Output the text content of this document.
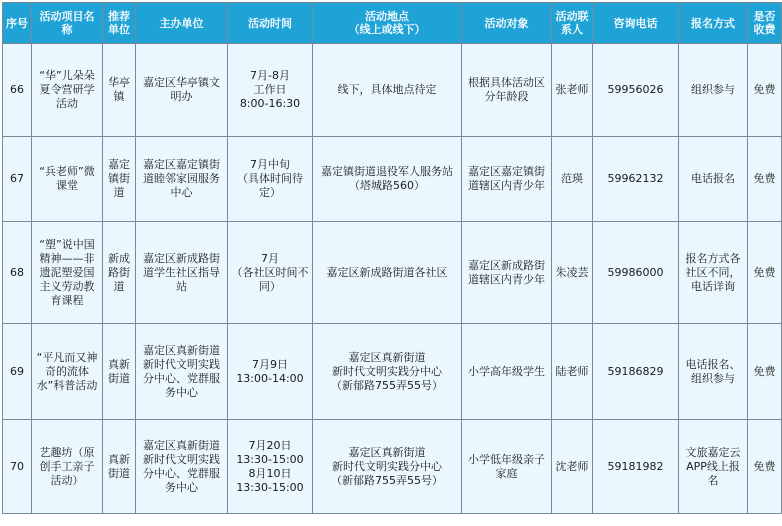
序号	活动项目名称	推荐单位	主办单位	活动时间	活动地点
（线上或线下）	活动对象	活动联系人	咨询电话	报名方式	是否收费
66	“华”儿朵朵夏令营研学活动	华亭镇	嘉定区华亭镇文明办	7月-8月
工作日
8:00-16:30	线下，具体地点待定	根据具体活动区分年龄段	张老师	59956026	组织参与	免费
67	“兵老师”微课堂	嘉定镇街道	嘉定区嘉定镇街道睦邻家园服务中心	7月中旬
（具体时间待定）	嘉定镇街道退役军人服务站（塔城路560）	嘉定区嘉定镇街道辖区内青少年	范瑛	59962132	电话报名	免费
68	“塑”说中国精神——非遗泥塑爱国主义劳动教育课程	新成路街道	嘉定区新成路街道学生社区指导站	7月
（各社区时间不同）	嘉定区新成路街道各社区	嘉定区新成路街道辖区内青少年	朱凌芸	59986000	报名方式各社区不同，电话详询	免费
69	“平凡而又神奇的流体水”科普活动	真新街道	嘉定区真新街道新时代文明实践分中心、党群服务中心	7月9日
13:00-14:00	嘉定区真新街道
新时代文明实践分中心
（新郁路755弄55号）	小学高年级学生	陆老师	59186829	电话报名、组织参与	免费
70	艺趣坊（原创手工亲子活动）	真新街道	嘉定区真新街道新时代文明实践分中心、党群服务中心	7月20日
13:30-15:00
8月10日
13:30-15:00	嘉定区真新街道
新时代文明实践分中心
（新郁路755弄55号）	小学低年级亲子家庭	沈老师	59181982	文旅嘉定云APP线上报名	免费
